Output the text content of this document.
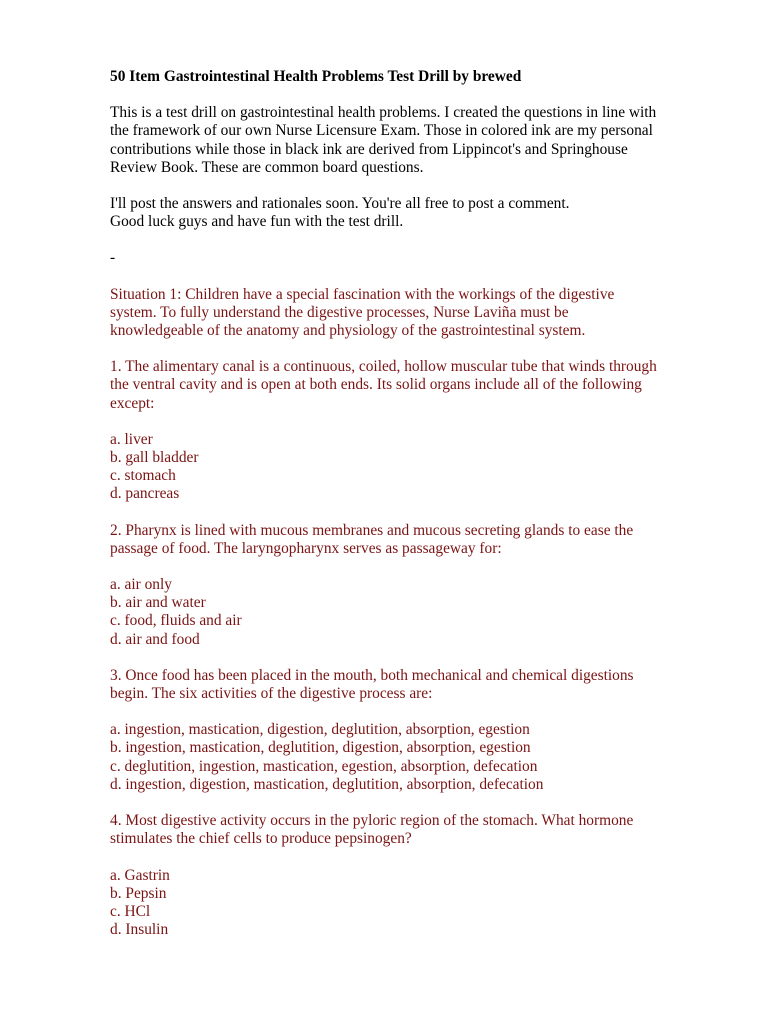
50 Item Gastrointestinal Health Problems Test Drill by brewed
This is a test drill on gastrointestinal health problems. I created the questions in line with
the framework of our own Nurse Licensure Exam. Those in colored ink are my personal
contributions while those in black ink are derived from Lippincot's and Springhouse
Review Book. These are common board questions.
I'll post the answers and rationales soon. You're all free to post a comment.
Good luck guys and have fun with the test drill.
-
Situation 1: Children have a special fascination with the workings of the digestive
system. To fully understand the digestive processes, Nurse Laviña must be
knowledgeable of the anatomy and physiology of the gastrointestinal system.
1. The alimentary canal is a continuous, coiled, hollow muscular tube that winds through
the ventral cavity and is open at both ends. Its solid organs include all of the following
except:
a. liver
b. gall bladder
c. stomach
d. pancreas
2. Pharynx is lined with mucous membranes and mucous secreting glands to ease the
passage of food. The laryngopharynx serves as passageway for:
a. air only
b. air and water
c. food, fluids and air
d. air and food
3. Once food has been placed in the mouth, both mechanical and chemical digestions
begin. The six activities of the digestive process are:
a. ingestion, mastication, digestion, deglutition, absorption, egestion
b. ingestion, mastication, deglutition, digestion, absorption, egestion
c. deglutition, ingestion, mastication, egestion, absorption, defecation
d. ingestion, digestion, mastication, deglutition, absorption, defecation
4. Most digestive activity occurs in the pyloric region of the stomach. What hormone
stimulates the chief cells to produce pepsinogen?
a. Gastrin
b. Pepsin
c. HCl
d. Insulin
